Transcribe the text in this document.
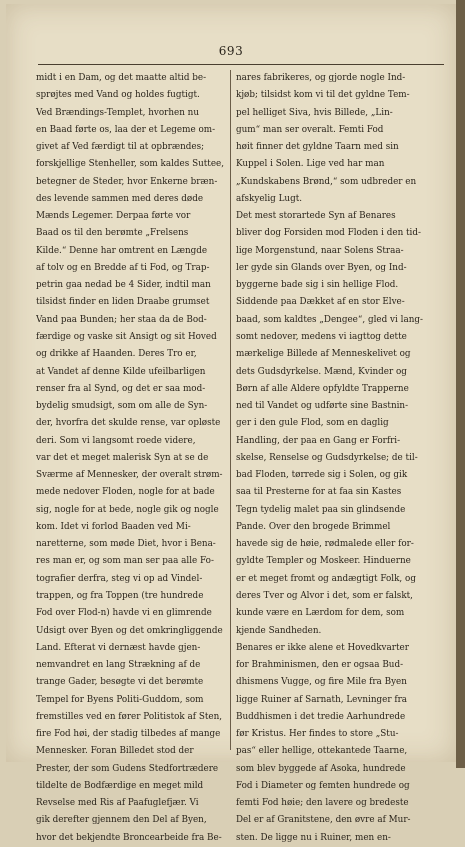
693
midt i en Dam, og det maatte altid be-
sprøjtes med Vand og holdes fugtigt.
Ved Brændings-Templet, hvorhen nu
en Baad førte os, laa der et Legeme om-
givet af Ved færdigt til at opbrændes;
forskjellige Stenheller, som kaldes Suttee,
betegner de Steder, hvor Enkerne bræn-
des levende sammen med deres døde
Mænds Legemer. Derpaa førte vor
Baad os til den berømte „Frelsens
Kilde.“ Denne har omtrent en Længde
af tolv og en Bredde af ti Fod, og Trap-
petrin gaa nedad be 4 Sider, indtil man
tilsidst finder en liden Draabe grumset
Vand paa Bunden; her staa da de Bod-
færdige og vaske sit Ansigt og sit Hoved
og drikke af Haanden. Deres Tro er,
at Vandet af denne Kilde ufeilbarligen
renser fra al Synd, og det er saa mod-
bydelig smudsigt, som om alle de Syn-
der, hvorfra det skulde rense, var opløste
deri. Som vi langsomt roede videre,
var det et meget malerisk Syn at se de
Sværme af Mennesker, der overalt strøm-
mede nedover Floden, nogle for at bade
sig, nogle for at bede, nogle gik og nogle
kom. Idet vi forlod Baaden ved Mi-
naretterne, som møde Diet, hvor i Bena-
res man er, og som man ser paa alle Fo-
tografier derfra, steg vi op ad Vindel-
trappen, og fra Toppen (tre hundrede
Fod over Flod-n) havde vi en glimrende
Udsigt over Byen og det omkringliggende
Land. Efterat vi dernæst havde gjen-
nemvandret en lang Strækning af de
trange Gader, besøgte vi det berømte
Tempel for Byens Politi-Guddom, som
fremstilles ved en fører Politistok af Sten,
fire Fod høi, der stadig tilbedes af mange
Mennesker. Foran Billedet stod der
Prester, der som Gudens Stedfortrædere
tildelte de Bodfærdige en meget mild
Revselse med Ris af Paafuglefjær. Vi
gik derefter gjennem den Del af Byen,
hvor det bekjendte Broncearbeide fra Be-
nares fabrikeres, og gjorde nogle Ind-
kjøb; tilsidst kom vi til det gyldne Tem-
pel helliget Siva, hvis Billede, „Lin-
gum“ man ser overalt. Femti Fod
høit finner det gyldne Taarn med sin
Kuppel i Solen. Lige ved har man
„Kundskabens Brønd,“ som udbreder en
afskyelig Lugt.
Det mest storartede Syn af Benares
bliver dog Forsiden mod Floden i den tid-
lige Morgenstund, naar Solens Straa-
ler gyde sin Glands over Byen, og Ind-
byggerne bade sig i sin hellige Flod.
Siddende paa Dækket af en stor Elve-
baad, som kaldtes „Dengee“, gled vi lang-
somt nedover, medens vi iagttog dette
mærkelige Billede af Menneskelivet og
dets Gudsdyrkelse. Mænd, Kvinder og
Børn af alle Aldere opfyldte Trapperne
ned til Vandet og udførte sine Bastnin-
ger i den gule Flod, som en daglig
Handling, der paa en Gang er Forfri-
skelse, Renselse og Gudsdyrkelse; de til-
bad Floden, tørrede sig i Solen, og gik
saa til Presterne for at faa sin Kastes
Tegn tydelig malet paa sin glindsende
Pande. Over den brogede Brimmel
havede sig de høie, rødmalede eller for-
gyldte Templer og Moskeer. Hinduerne
er et meget fromt og andægtigt Folk, og
deres Tver og Alvor i det, som er falskt,
kunde være en Lærdom for dem, som
kjende Sandheden.
Benares er ikke alene et Hovedkvarter
for Brahminismen, den er ogsaa Bud-
dhismens Vugge, og fire Mile fra Byen
ligge Ruiner af Sarnath, Levninger fra
Buddhismen i det tredie Aarhundrede
før Kristus. Her findes to store „Stu-
pas“ eller hellige, ottekantede Taarne,
som blev byggede af Asoka, hundrede
Fod i Diameter og femten hundrede og
femti Fod høie; den lavere og bredeste
Del er af Granitstene, den øvre af Mur-
sten. De ligge nu i Ruiner, men en-
